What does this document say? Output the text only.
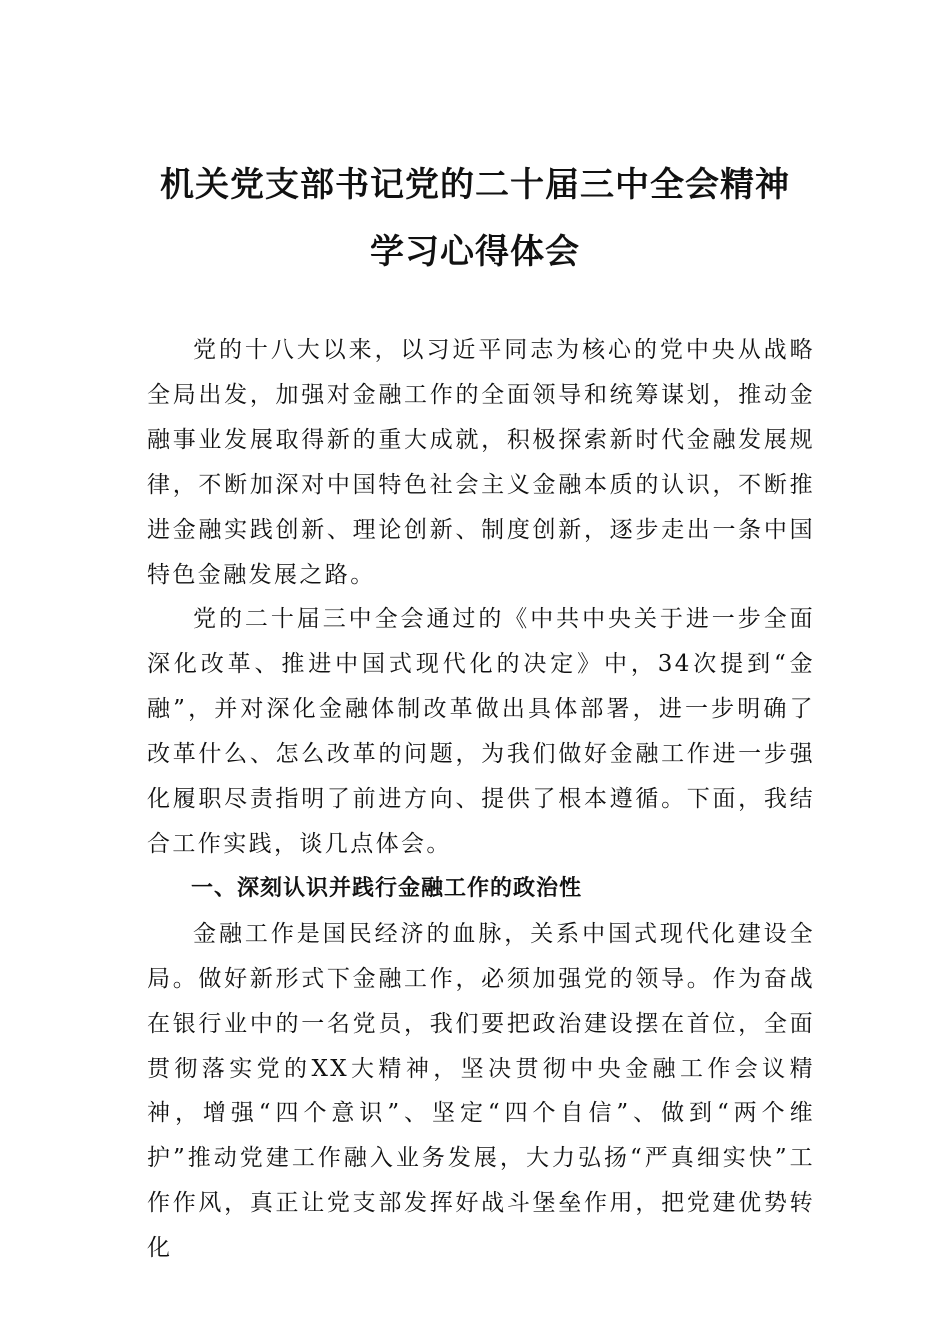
机关党支部书记党的二十届三中全会精神
学习心得体会

党的十八大以来，以习近平同志为核心的党中央从战略全局出发，加强对金融工作的全面领导和统筹谋划，推动金融事业发展取得新的重大成就，积极探索新时代金融发展规律，不断加深对中国特色社会主义金融本质的认识，不断推进金融实践创新、理论创新、制度创新，逐步走出一条中国特色金融发展之路。

党的二十届三中全会通过的《中共中央关于进一步全面深化改革、推进中国式现代化的决定》中，34次提到“金融”，并对深化金融体制改革做出具体部署，进一步明确了改革什么、怎么改革的问题，为我们做好金融工作进一步强化履职尽责指明了前进方向、提供了根本遵循。下面，我结合工作实践，谈几点体会。

一、深刻认识并践行金融工作的政治性

金融工作是国民经济的血脉，关系中国式现代化建设全局。做好新形式下金融工作，必须加强党的领导。作为奋战在银行业中的一名党员，我们要把政治建设摆在首位，全面贯彻落实党的XX大精神，坚决贯彻中央金融工作会议精神，增强“四个意识”、坚定“四个自信”、做到“两个维护”推动党建工作融入业务发展，大力弘扬“严真细实快”工作作风，真正让党支部发挥好战斗堡垒作用，把党建优势转化
